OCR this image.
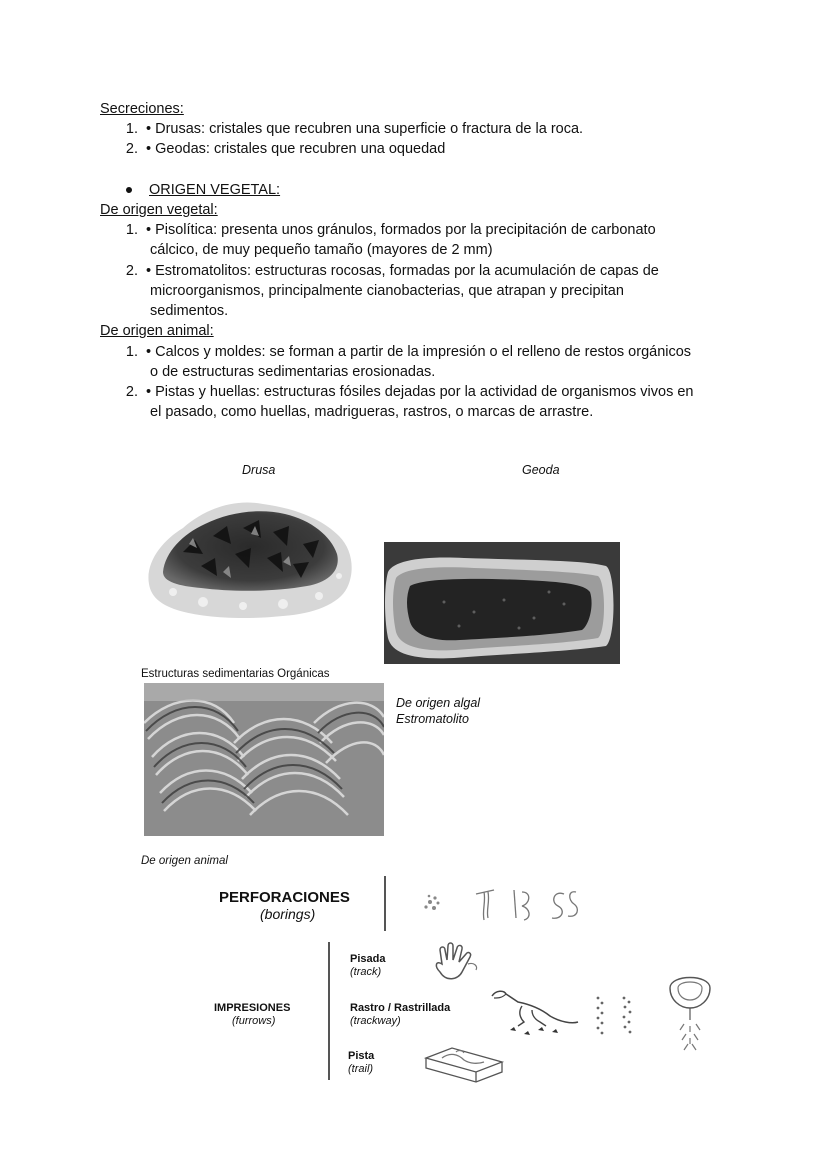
Secreciones:
1. • Drusas: cristales que recubren una superficie o fractura de la roca.
2. • Geodas: cristales que recubren una oquedad
ORIGEN VEGETAL:
De origen vegetal:
1. • Pisolítica: presenta unos gránulos, formados por la precipitación de carbonato
cálcico, de muy pequeño tamaño (mayores de 2 mm)
2. • Estromatolitos: estructuras rocosas, formadas por la acumulación de capas de
microorganismos, principalmente cianobacterias, que atrapan y precipitan
sedimentos.
De origen animal:
1. • Calcos y moldes: se forman a partir de la impresión o el relleno de restos orgánicos
o de estructuras sedimentarias erosionadas.
2. • Pistas y huellas: estructuras fósiles dejadas por la actividad de organismos vivos en
el pasado, como huellas, madrigueras, rastros, o marcas de arrastre.
Drusa	Geoda
Estructuras sedimentarias Orgánicas
De origen algal
Estromatolito
De origen animal
PERFORACIONES
(borings)
IMPRESIONES
(furrows)
Pisada
(track)
Rastro / Rastrillada
(trackway)
Pista
(trail)
